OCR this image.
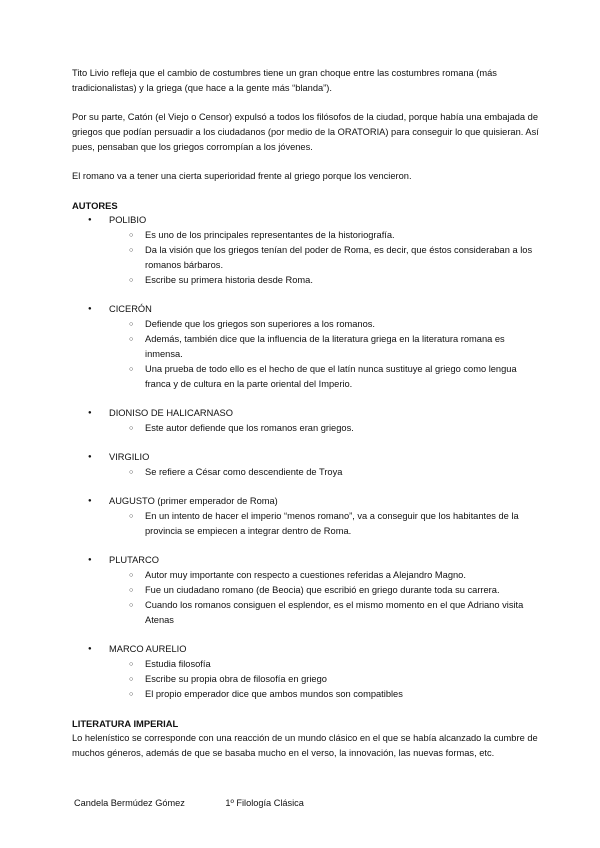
Tito Livio refleja que el cambio de costumbres tiene un gran choque entre las costumbres romana (más tradicionalistas) y la griega (que hace a la gente más “blanda”).

Por su parte, Catón (el Viejo o Censor) expulsó a todos los filósofos de la ciudad, porque había una embajada de griegos que podían persuadir a los ciudadanos (por medio de la ORATORIA) para conseguir lo que quisieran. Así pues, pensaban que los griegos corrompían a los jóvenes.

El romano va a tener una cierta superioridad frente al griego porque los vencieron.

AUTORES

● POLIBIO
○ Es uno de los principales representantes de la historiografía.
○ Da la visión que los griegos tenían del poder de Roma, es decir, que éstos consideraban a los romanos bárbaros.
○ Escribe su primera historia desde Roma.
● CICERÓN
○ Defiende que los griegos son superiores a los romanos.
○ Además, también dice que la influencia de la literatura griega en la literatura romana es inmensa.
○ Una prueba de todo ello es el hecho de que el latín nunca sustituye al griego como lengua franca y de cultura en la parte oriental del Imperio.
● DIONISO DE HALICARNASO
○ Este autor defiende que los romanos eran griegos.
● VIRGILIO
○ Se refiere a César como descendiente de Troya
● AUGUSTO (primer emperador de Roma)
○ En un intento de hacer el imperio “menos romano”, va a conseguir que los habitantes de la provincia se empiecen a integrar dentro de Roma.
● PLUTARCO
○ Autor muy importante con respecto a cuestiones referidas a Alejandro Magno.
○ Fue un ciudadano romano (de Beocia) que escribió en griego durante toda su carrera.
○ Cuando los romanos consiguen el esplendor, es el mismo momento en el que Adriano visita Atenas
● MARCO AURELIO
○ Estudia filosofía
○ Escribe su propia obra de filosofía en griego
○ El propio emperador dice que ambos mundos son compatibles

LITERATURA IMPERIAL

Lo helenístico se corresponde con una reacción de un mundo clásico en el que se había alcanzado la cumbre de muchos géneros, además de que se basaba mucho en el verso, la innovación, las nuevas formas, etc.

Candela Bermúdez Gómez	1º Filología Clásica
